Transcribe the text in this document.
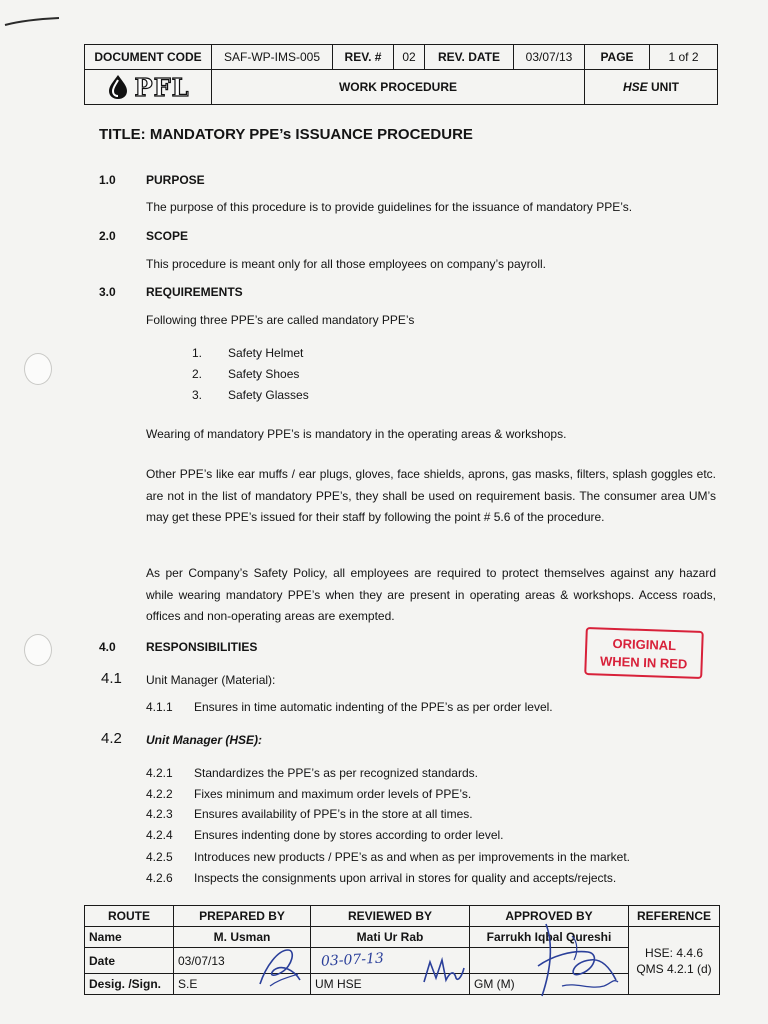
DOCUMENT CODE	SAF-WP-IMS-005	REV. #	02	REV. DATE	03/07/13	PAGE	1 of 2

PFL	WORK PROCEDURE					HSE UNIT	
TITLE: MANDATORY PPE’s ISSUANCE PROCEDURE
1.0	PURPOSE
The purpose of this procedure is to provide guidelines for the issuance of mandatory PPE’s.
2.0	SCOPE
This procedure is meant only for all those employees on company’s payroll.
3.0	REQUIREMENTS
Following three PPE’s are called mandatory PPE’s
1. Safety Helmet
2. Safety Shoes
3. Safety Glasses
Wearing of mandatory PPE’s is mandatory in the operating areas & workshops.
Other PPE’s like ear muffs / ear plugs, gloves, face shields, aprons, gas masks, filters, splash goggles etc. are not in the list of mandatory PPE’s, they shall be used on requirement basis. The consumer area UM’s may get these PPE’s issued for their staff by following the point # 5.6 of the procedure.
As per Company’s Safety Policy, all employees are required to protect themselves against any hazard while wearing mandatory PPE’s when they are present in operating areas & workshops. Access roads, offices and non-operating areas are exempted.
4.0	RESPONSIBILITIES
4.1 Unit Manager (Material):
4.1.1 Ensures in time automatic indenting of the PPE’s as per order level.
4.2 Unit Manager (HSE):
4.2.1 Standardizes the PPE’s as per recognized standards.
4.2.2 Fixes minimum and maximum order levels of PPE’s.
4.2.3 Ensures availability of PPE’s in the store at all times.
4.2.4 Ensures indenting done by stores according to order level.
4.2.5 Introduces new products / PPE’s as and when as per improvements in the market.
4.2.6 Inspects the consignments upon arrival in stores for quality and accepts/rejects.
ORIGINAL
WHEN IN RED
ROUTE	PREPARED BY	REVIEWED BY	APPROVED BY	REFERENCE
Name	M. Usman	Mati Ur Rab	Farrukh Iqbal Qureshi	HSE: 4.4.6
QMS 4.2.1 (d)

Date	03/07/13	03-07-13		

Desig. /Sign.	S.E	UM HSE	GM (M)	
